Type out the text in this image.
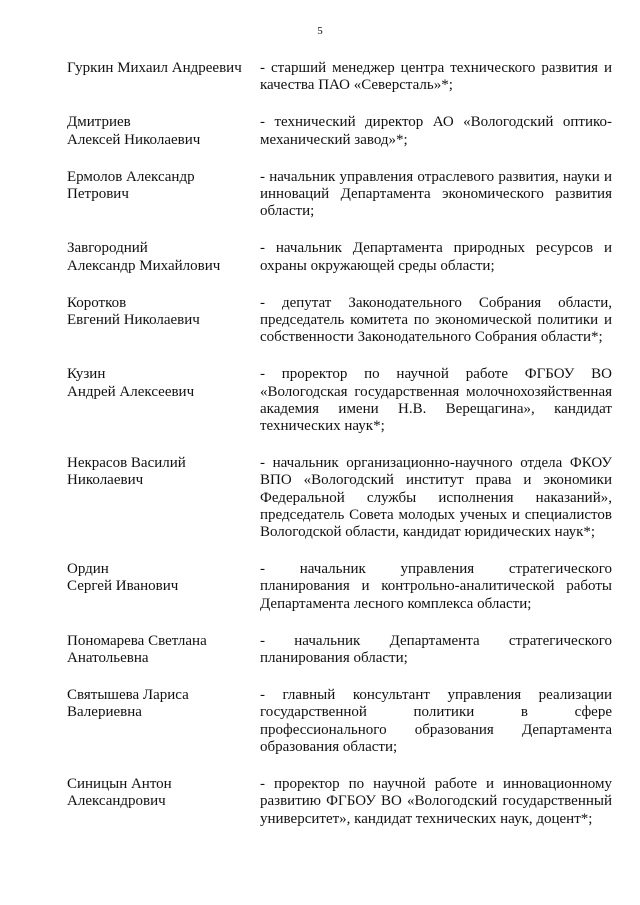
5
Гуркин Михаил Андреевич	- старший менеджер центра технического развития и качества ПАО «Северсталь»*;
Дмитриев
Алексей Николаевич
- технический директор АО «Вологодский оптико-механический завод»*;
Ермолов Александр
Петрович
- начальник управления отраслевого развития, науки и инноваций Департамента экономического развития области;
Завгородний
Александр Михайлович
- начальник Департамента природных ресурсов и охраны окружающей среды области;
Коротков
Евгений Николаевич
- депутат Законодательного Собрания области, председатель комитета по экономической политики и собственности Законодательного Собрания области*;
Кузин
Андрей Алексеевич
- проректор по научной работе ФГБОУ ВО «Вологодская государственная молочнохозяйственная академия имени Н.В. Верещагина», кандидат технических наук*;
Некрасов Василий
Николаевич
- начальник организационно-научного отдела ФКОУ ВПО «Вологодский институт права и экономики Федеральной службы исполнения наказаний», председатель Совета молодых ученых и специалистов Вологодской области, кандидат юридических наук*;
Ордин
Сергей Иванович
- начальник управления стратегического планирования и контрольно-аналитической работы Департамента лесного комплекса области;
Пономарева Светлана
Анатольевна
- начальник Департамента стратегического планирования области;
Святышева Лариса
Валериевна
- главный консультант управления реализации государственной политики в сфере профессионального образования Департамента образования области;
Синицын Антон
Александрович
- проректор по научной работе и инновационному развитию ФГБОУ ВО «Вологодский государственный университет», кандидат технических наук, доцент*;
